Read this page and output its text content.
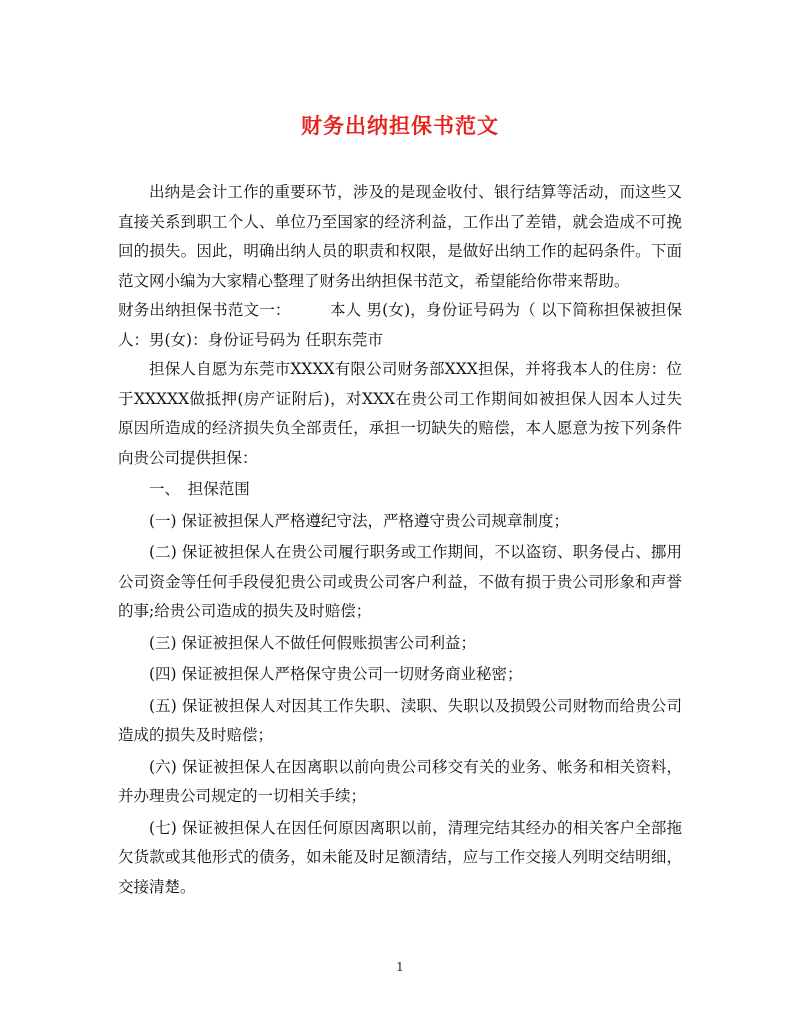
财务出纳担保书范文

出纳是会计工作的重要环节，涉及的是现金收付、银行结算等活动，而这些又直接关系到职工个人、单位乃至国家的经济利益，工作出了差错，就会造成不可挽回的损失。因此，明确出纳人员的职责和权限，是做好出纳工作的起码条件。下面范文网小编为大家精心整理了财务出纳担保书范文，希望能给你带来帮助。

财务出纳担保书范文一：　　　本人 男(女)，身份证号码为（ 以下简称担保被担保人：男(女)：身份证号码为 任职东莞市

担保人自愿为东莞市XXXX有限公司财务部XXX担保，并将我本人的住房：位于XXXXX做抵押(房产证附后)，对XXX在贵公司工作期间如被担保人因本人过失原因所造成的经济损失负全部责任，承担一切缺失的赔偿，本人愿意为按下列条件向贵公司提供担保：

一、　担保范围

(一) 保证被担保人严格遵纪守法，严格遵守贵公司规章制度；

(二) 保证被担保人在贵公司履行职务或工作期间，不以盗窃、职务侵占、挪用公司资金等任何手段侵犯贵公司或贵公司客户利益，不做有损于贵公司形象和声誉的事;给贵公司造成的损失及时赔偿；

(三) 保证被担保人不做任何假账损害公司利益；

(四) 保证被担保人严格保守贵公司一切财务商业秘密；

(五) 保证被担保人对因其工作失职、渎职、失职以及损毁公司财物而给贵公司造成的损失及时赔偿；

(六) 保证被担保人在因离职以前向贵公司移交有关的业务、帐务和相关资料，并办理贵公司规定的一切相关手续；

(七) 保证被担保人在因任何原因离职以前，清理完结其经办的相关客户全部拖欠货款或其他形式的债务，如未能及时足额清结，应与工作交接人列明交结明细，交接清楚。

1
